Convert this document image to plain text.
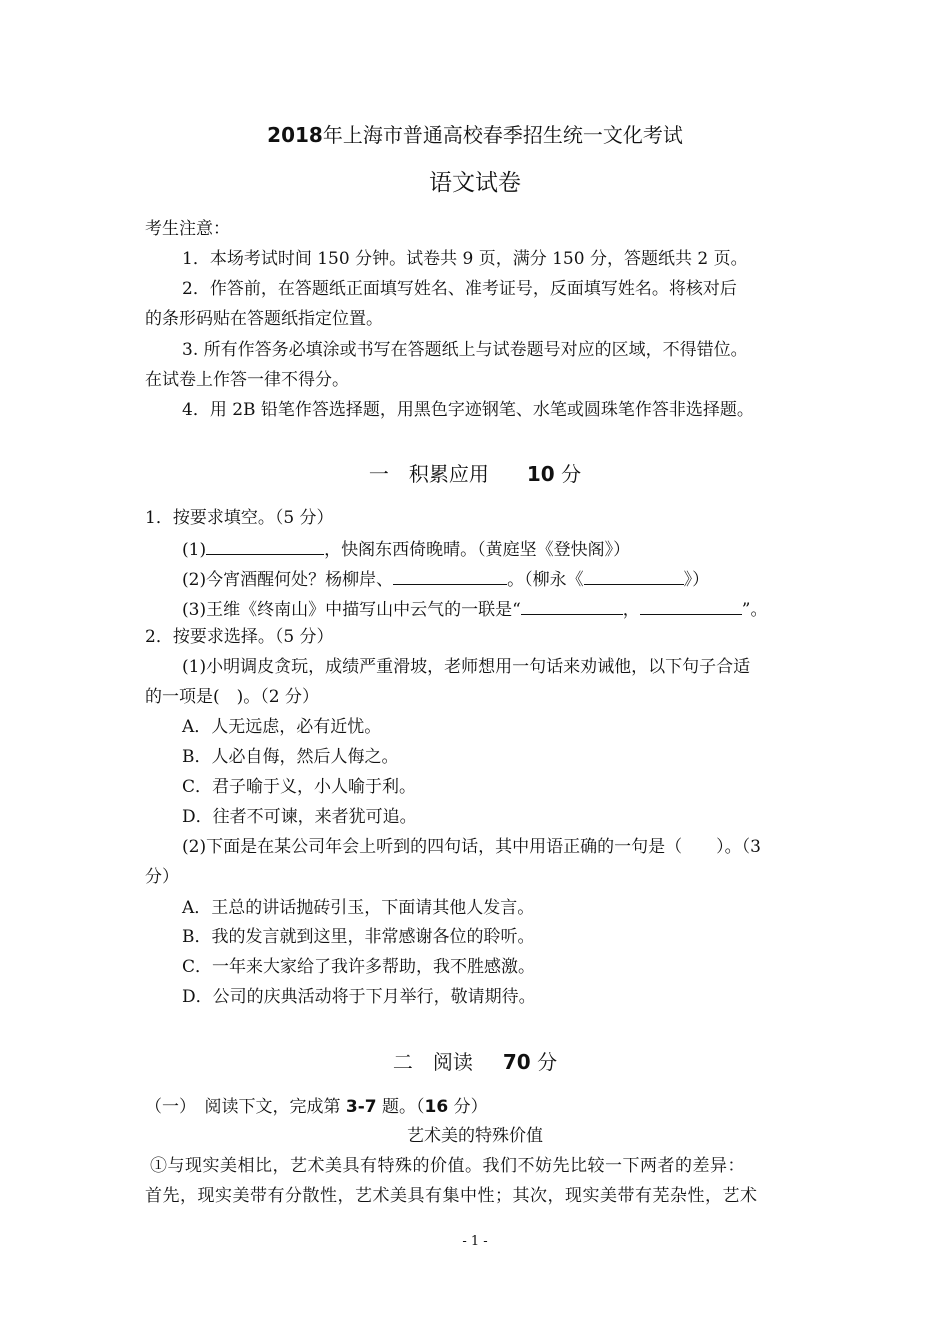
2018年上海市普通高校春季招生统一文化考试
语文试卷
考生注意：
1．本场考试时间 150 分钟。试卷共 9 页，满分 150 分，答题纸共 2 页。
2．作答前，在答题纸正面填写姓名、准考证号，反面填写姓名。将核对后
的条形码贴在答题纸指定位置。
3. 所有作答务必填涂或书写在答题纸上与试卷题号对应的区域，不得错位。
在试卷上作答一律不得分。
4．用 2B 铅笔作答选择题，用黑色字迹钢笔、水笔或圆珠笔作答非选择题。
一　积累应用 10 分
1．按要求填空。（5 分）
(1)	，快阁东西倚晚晴。（黄庭坚《登快阁》）
(2)今宵酒醒何处？杨柳岸、	。（柳永《	》）
(3)王维《终南山》中描写山中云气的一联是“	，	”。
2．按要求选择。（5 分）
(1)小明调皮贪玩，成绩严重滑坡，老师想用一句话来劝诫他，以下句子合适
的一项是(　)。（2 分）
A．人无远虑，必有近忧。
B．人必自侮，然后人侮之。
C．君子喻于义，小人喻于利。
D．往者不可谏，来者犹可追。
(2)下面是在某公司年会上听到的四句话，其中用语正确的一句是（　　）。（3
分）
A．王总的讲话抛砖引玉，下面请其他人发言。
B．我的发言就到这里，非常感谢各位的聆听。
C．一年来大家给了我许多帮助，我不胜感激。
D．公司的庆典活动将于下月举行，敬请期待。
二　阅读 70 分
（一）　阅读下文，完成第 3-7 题。（16 分）
艺术美的特殊价值
①与现实美相比，艺术美具有特殊的价值。我们不妨先比较一下两者的差异：
首先，现实美带有分散性，艺术美具有集中性；其次，现实美带有芜杂性，艺术
- 1 -
